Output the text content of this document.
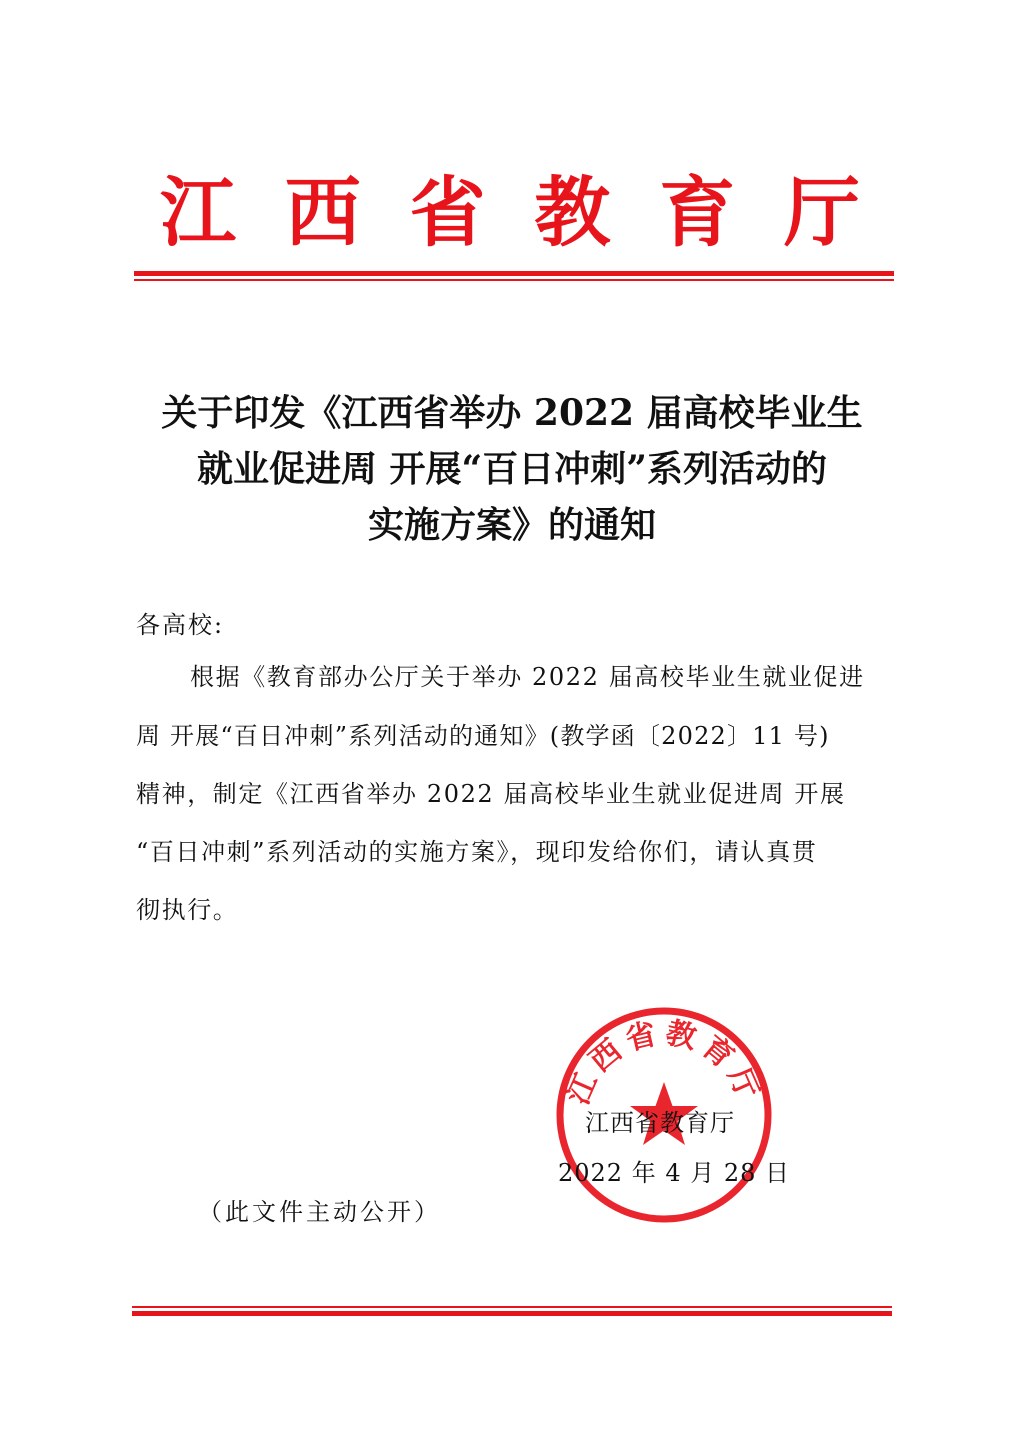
江 西 省 教 育 厅
关于印发《江西省举办 2022 届高校毕业生
就业促进周 开展“百日冲刺”系列活动的
实施方案》的通知
各高校:
根据《教育部办公厅关于举办 2022 届高校毕业生就业促进
周 开展“百日冲刺”系列活动的通知》(教学函〔2022〕11 号)
精神，制定《江西省举办 2022 届高校毕业生就业促进周 开展
“百日冲刺”系列活动的实施方案》，现印发给你们，请认真贯
彻执行。
江西省教育厅
江西省教育厅
2022 年 4 月 28 日
（此文件主动公开）
